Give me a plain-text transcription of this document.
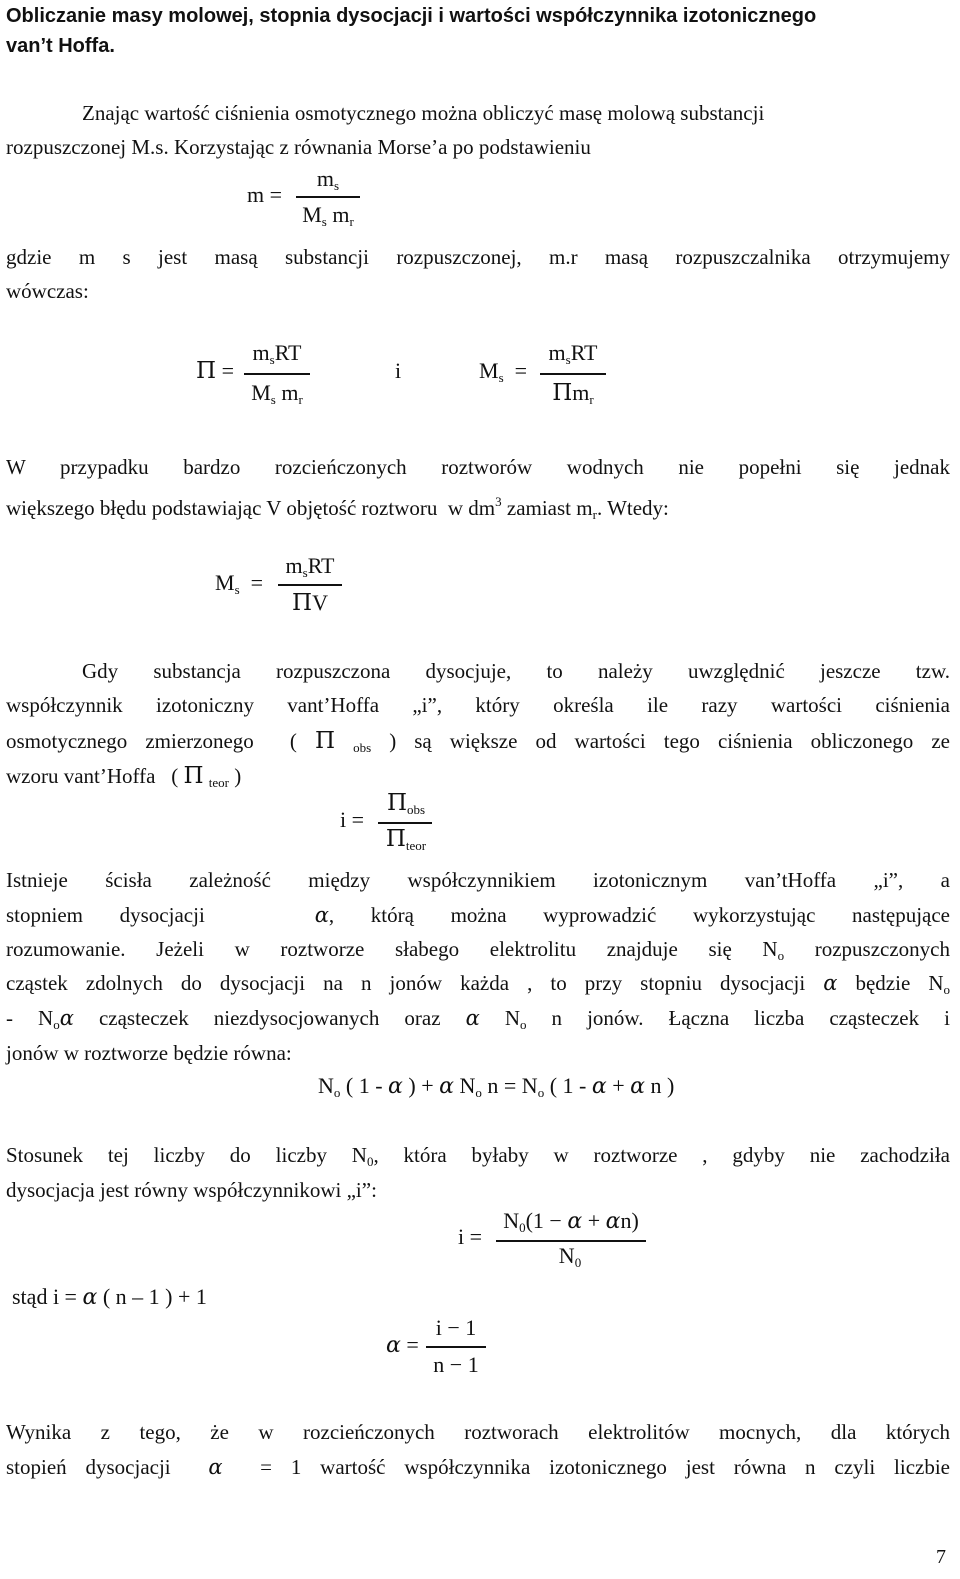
Obliczanie masy molowej, stopnia dysocjacji i wartości współczynnika izotonicznego
van’t Hoffa.
Znając wartość ciśnienia osmotycznego można obliczyć masę molową substancji
rozpuszczonej M.s. Korzystając z równania Morse’a po podstawieniu
m =
$m_s$
$M_s$ $m_r$
gdzie m s jest masą substancji rozpuszczonej, m.r masą rozpuszczalnika otrzymujemy
wówczas:
Π =
$m_sRT$
$M_s$ $m_r$
i	$M_s$  =
$m_sRT$
$\Pi m_r$
W przypadku bardzo rozcieńczonych roztworów wodnych nie popełni się jednak
większego błędu podstawiając V objętość roztworu  w $dm^3$ zamiast $m_r$. Wtedy:
$M_s$  =
$m_sRT$
ΠV
Gdy substancja rozpuszczona dysocjuje, to należy uwzględnić jeszcze tzw.
współczynnik izotoniczny vant’Hoffa „i”, który określa ile razy wartości ciśnienia
osmotycznego zmierzonego  ( Π $_{obs}$ ) są większe od wartości tego ciśnienia obliczonego ze
wzoru vant’Hoffa   ( Π $_{teor}$ )
i =
$\Pi_{obs}$
$\Pi_{teor}$
Istnieje ścisła zależność między współczynnikiem izotonicznym van’tHoffa „i”, a
stopniem dysocjacji   α, którą można wyprowadzić wykorzystując następujące
rozumowanie. Jeżeli w roztworze słabego elektrolitu znajduje się $N_o$ rozpuszczonych
cząstek zdolnych do dysocjacji na n jonów każda , to przy stopniu dysocjacji α będzie $N_o$
- $N_o\alpha$ cząsteczek niezdysocjowanych oraz α $N_o$ n jonów. Łączna liczba cząsteczek i
jonów w roztworze będzie równa:
$N_o$ ( 1 - α ) + α $N_o$ $n = N_o$ ( 1 - α + α n )
Stosunek tej liczby do liczby $N_0$, która byłaby w roztworze , gdyby nie zachodziła
dysocjacja jest równy współczynnikowi „i”:
i =
$N_0(1 - \alpha + \alpha n)$
$N_0$
stąd i = α ( n – 1 ) + 1
α =
i − 1
n − 1
Wynika z tego, że w rozcieńczonych roztworach elektrolitów mocnych, dla których
stopień dysocjacji  α  = 1 wartość współczynnika izotonicznego jest równa n czyli liczbie
7
